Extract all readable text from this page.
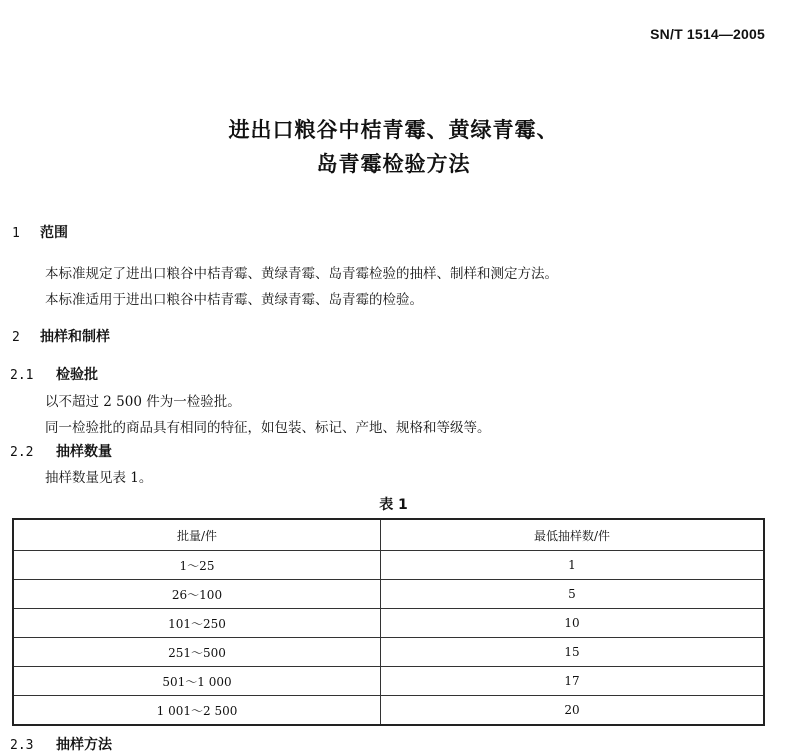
SN/T 1514—2005
进出口粮谷中桔青霉、黄绿青霉、
岛青霉检验方法
1 范围
本标准规定了进出口粮谷中桔青霉、黄绿青霉、岛青霉检验的抽样、制样和测定方法。
本标准适用于进出口粮谷中桔青霉、黄绿青霉、岛青霉的检验。
2 抽样和制样
2.1 检验批
以不超过 2 500 件为一检验批。
同一检验批的商品具有相同的特征，如包装、标记、产地、规格和等级等。
2.2 抽样数量
抽样数量见表 1。
表 1
批量/件	最低抽样数/件
1～25	1
26～100	5
101～250	10
251～500	15
501～1 000	17
1 001～2 500	20
2.3 抽样方法
